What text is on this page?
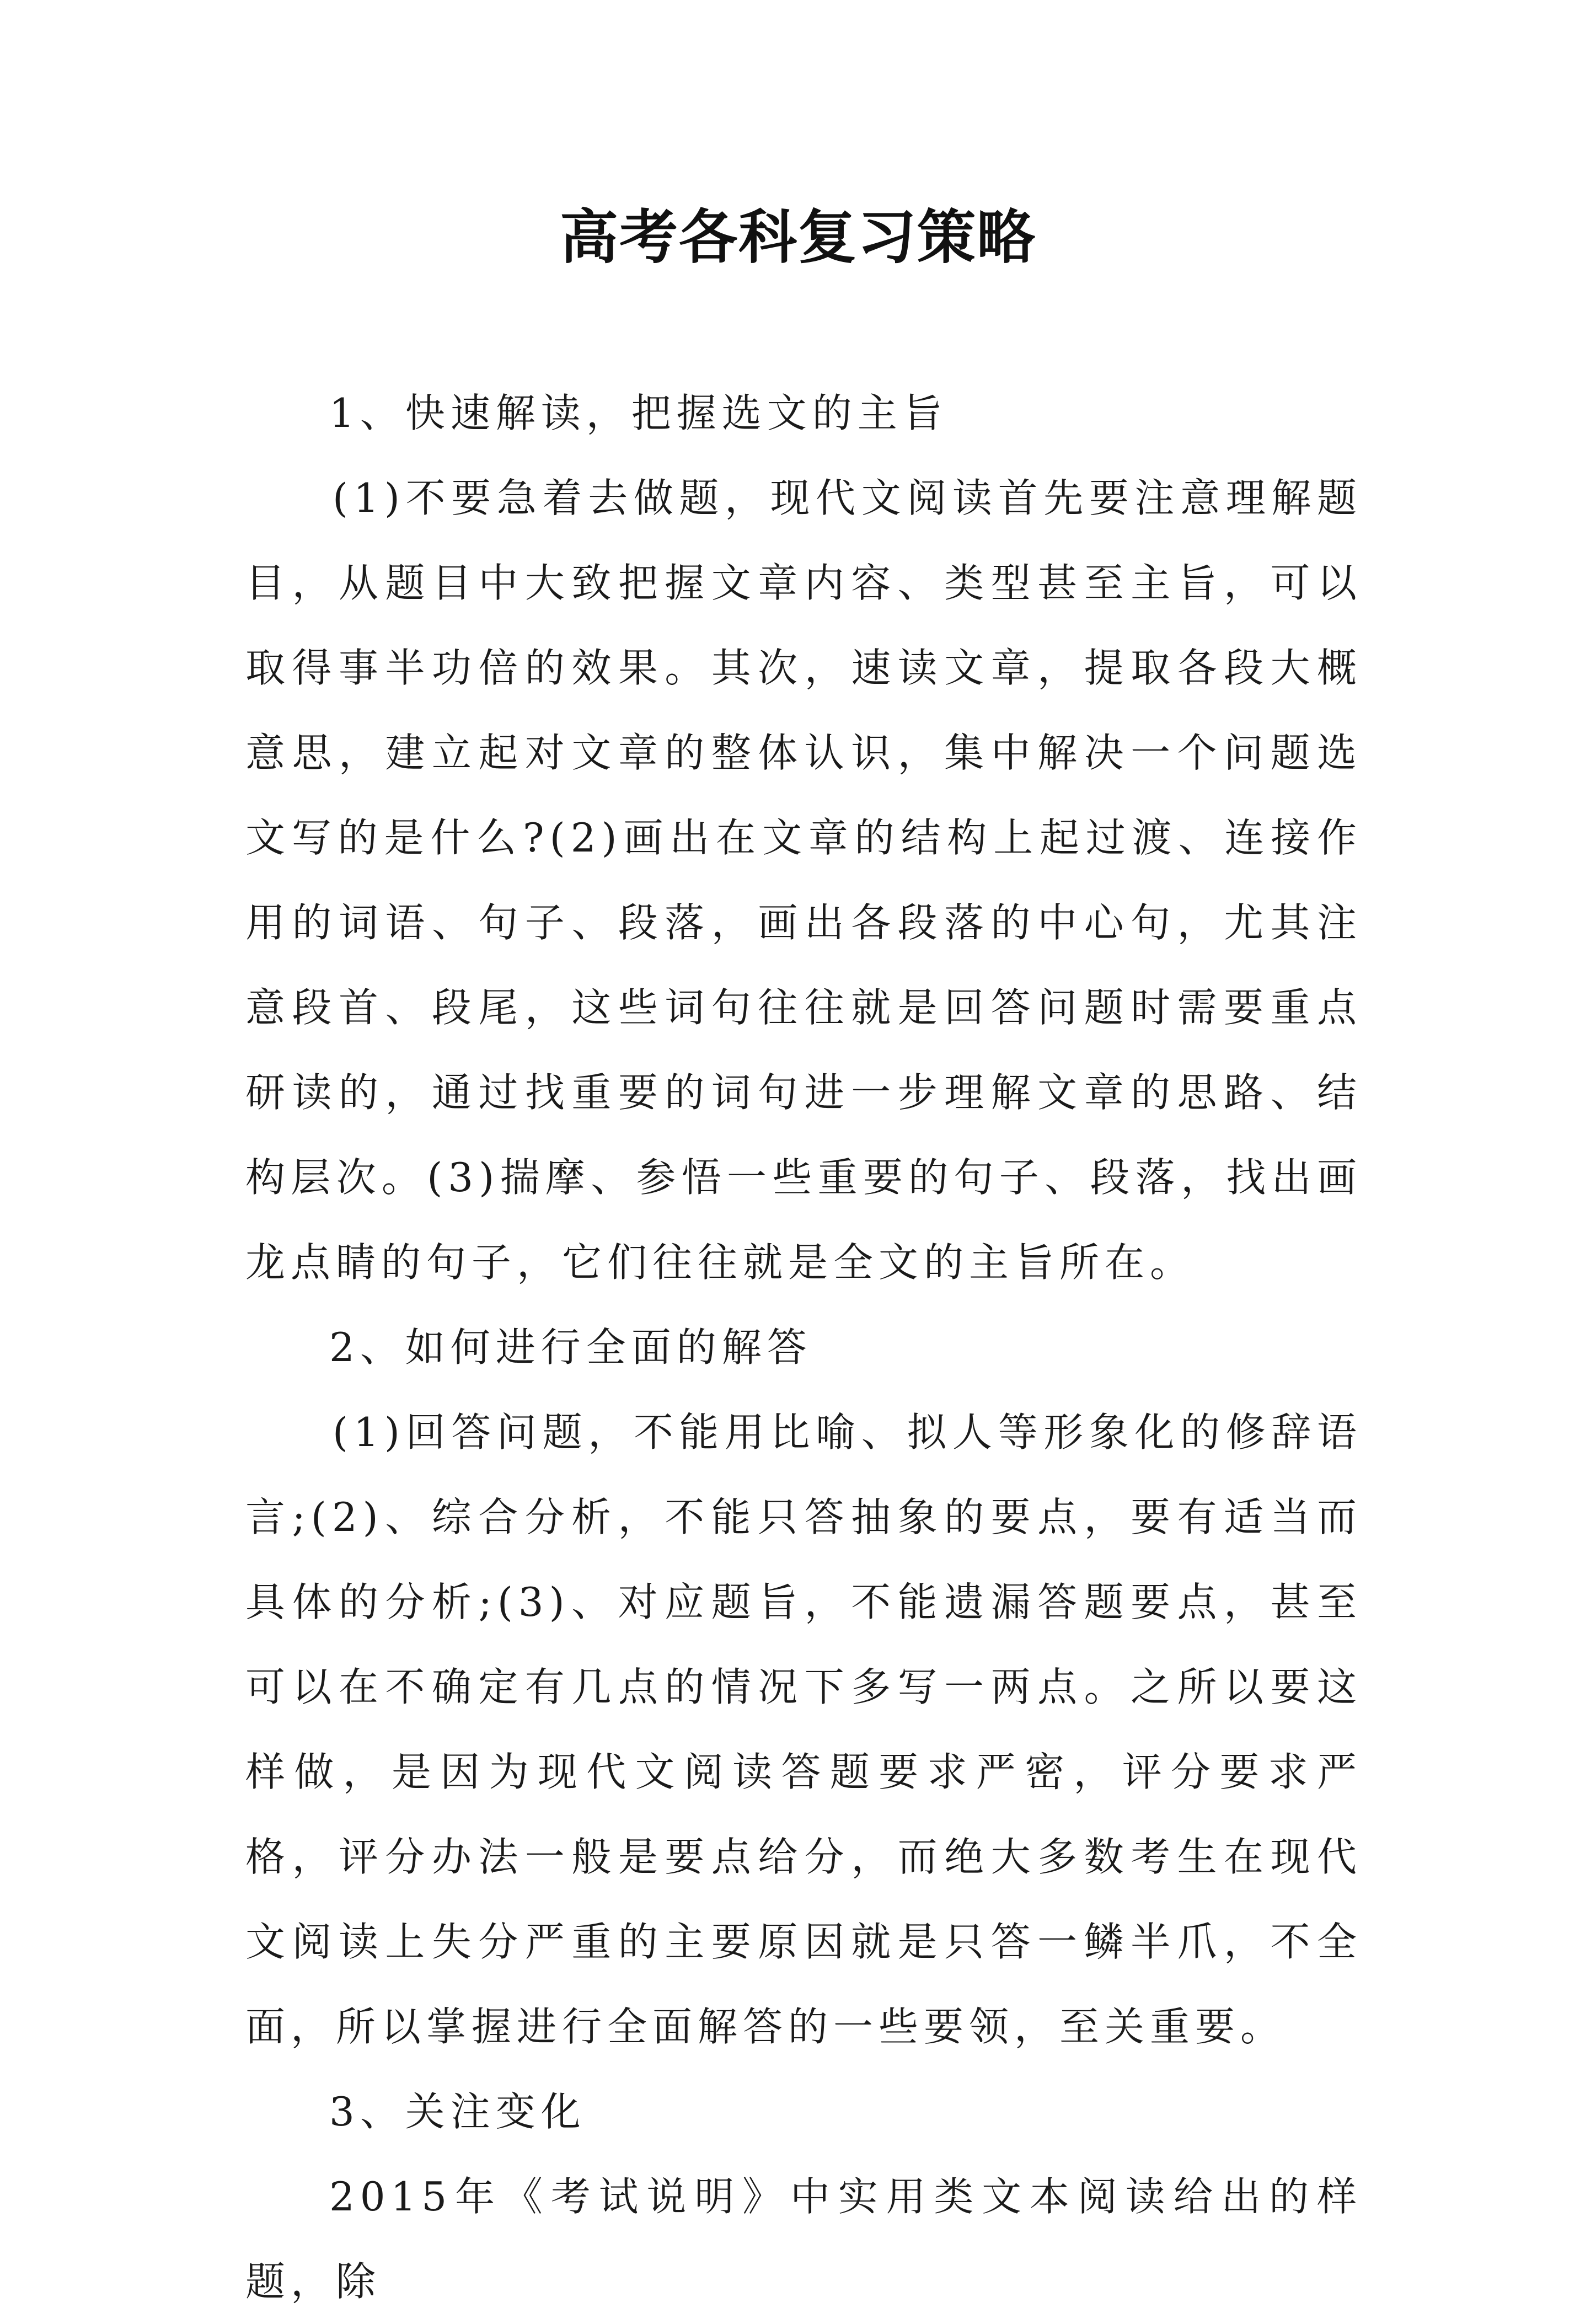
高考各科复习策略

1、快速解读，把握选文的主旨

(1)不要急着去做题，现代文阅读首先要注意理解题目，从题目中大致把握文章内容、类型甚至主旨，可以取得事半功倍的效果。其次，速读文章，提取各段大概意思，建立起对文章的整体认识，集中解决一个问题选文写的是什么?(2)画出在文章的结构上起过渡、连接作用的词语、句子、段落，画出各段落的中心句，尤其注意段首、段尾，这些词句往往就是回答问题时需要重点研读的，通过找重要的词句进一步理解文章的思路、结构层次。(3)揣摩、参悟一些重要的句子、段落，找出画龙点睛的句子，它们往往就是全文的主旨所在。

2、如何进行全面的解答

(1)回答问题，不能用比喻、拟人等形象化的修辞语言;(2)、综合分析，不能只答抽象的要点，要有适当而具体的分析;(3)、对应题旨，不能遗漏答题要点，甚至可以在不确定有几点的情况下多写一两点。之所以要这样做，是因为现代文阅读答题要求严密，评分要求严格，评分办法一般是要点给分，而绝大多数考生在现代文阅读上失分严重的主要原因就是只答一鳞半爪，不全面，所以掌握进行全面解答的一些要领，至关重要。

3、关注变化

2015年《考试说明》中实用类文本阅读给出的样题，除
